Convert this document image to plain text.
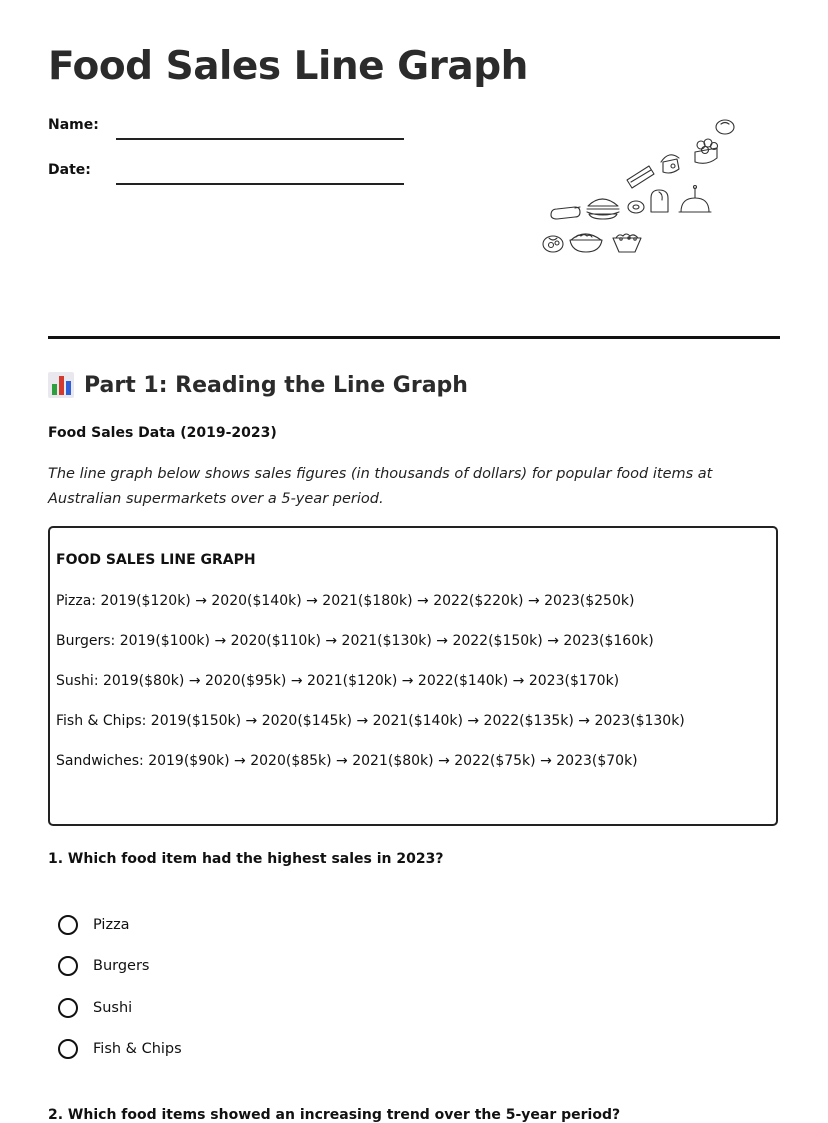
Food Sales Line Graph
Name:
Date:
Part 1: Reading the Line Graph
Food Sales Data (2019-2023)

The line graph below shows sales figures (in thousands of dollars) for popular food items at Australian supermarkets over a 5-year period.

FOOD SALES LINE GRAPH
Pizza: 2019($120k) → 2020($140k) → 2021($180k) → 2022($220k) → 2023($250k)
Burgers: 2019($100k) → 2020($110k) → 2021($130k) → 2022($150k) → 2023($160k)
Sushi: 2019($80k) → 2020($95k) → 2021($120k) → 2022($140k) → 2023($170k)
Fish & Chips: 2019($150k) → 2020($145k) → 2021($140k) → 2022($135k) → 2023($130k)
Sandwiches: 2019($90k) → 2020($85k) → 2021($80k) → 2022($75k) → 2023($70k)
1. Which food item had the highest sales in 2023?
Pizza
Burgers
Sushi
Fish & Chips
2. Which food items showed an increasing trend over the 5-year period?
